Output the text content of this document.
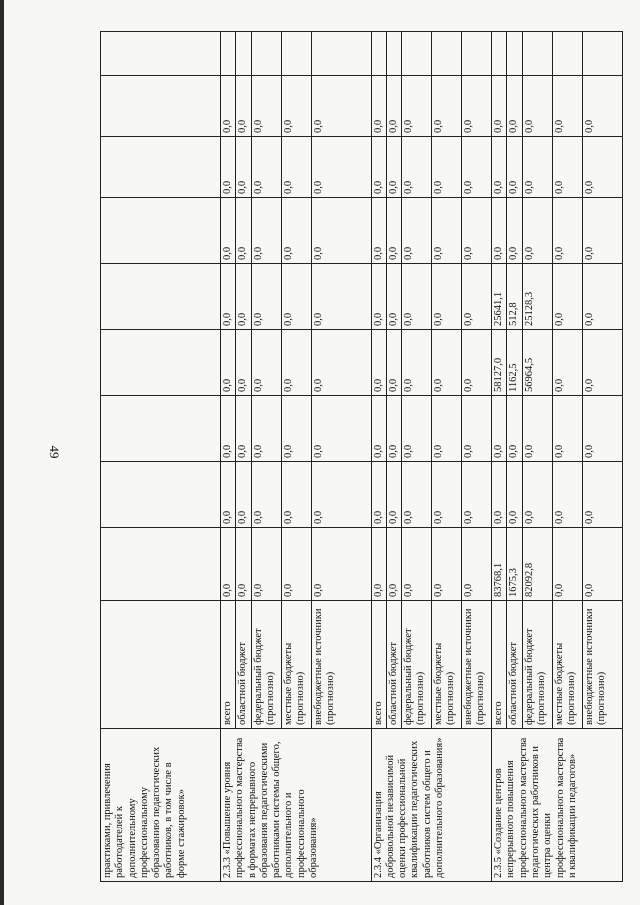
49
практиками, привлечения работодателей к дополнительному профессиональному образованию педагогических работников, в том числе в форме стажировок»										
2.3.3 «Повышение уровня профессионального мастерства в форматах непрерывного образования педагогическими работниками системы общего, дополнительного и профессионального образования»	всего	0,0	0,0	0,0	0,0	0,0	0,0	0,0	0,0	
	областной бюджет	0,0	0,0	0,0	0,0	0,0	0,0	0,0	0,0	
	федеральный бюджет (прогнозно)	0,0	0,0	0,0	0,0	0,0	0,0	0,0	0,0	
	местные бюджеты (прогнозно)	0,0	0,0	0,0	0,0	0,0	0,0	0,0	0,0	
	внебюджетные источники (прогнозно)	0,0	0,0	0,0	0,0	0,0	0,0	0,0	0,0	
2.3.4 «Организация добровольной независимой оценки профессиональной квалификации педагогических работников систем общего и дополнительного образования»	всего	0,0	0,0	0,0	0,0	0,0	0,0	0,0	0,0	
	областной бюджет	0,0	0,0	0,0	0,0	0,0	0,0	0,0	0,0	
	федеральный бюджет (прогнозно)	0,0	0,0	0,0	0,0	0,0	0,0	0,0	0,0	
	местные бюджеты (прогнозно)	0,0	0,0	0,0	0,0	0,0	0,0	0,0	0,0	
	внебюджетные источники (прогнозно)	0,0	0,0	0,0	0,0	0,0	0,0	0,0	0,0	
2.3.5 «Создание центров непрерывного повышения профессионального мастерства педагогических работников и центра оценки профессионального мастерства и квалификации педагогов»	всего	83768,1	0,0	0,0	58127,0	25641,1	0,0	0,0	0,0	
	областной бюджет	1675,3	0,0	0,0	1162,5	512,8	0,0	0,0	0,0	
	федеральный бюджет (прогнозно)	82092,8	0,0	0,0	56964,5	25128,3	0,0	0,0	0,0	
	местные бюджеты (прогнозно)	0,0	0,0	0,0	0,0	0,0	0,0	0,0	0,0	
	внебюджетные источники (прогнозно)	0,0	0,0	0,0	0,0	0,0	0,0	0,0	0,0	
